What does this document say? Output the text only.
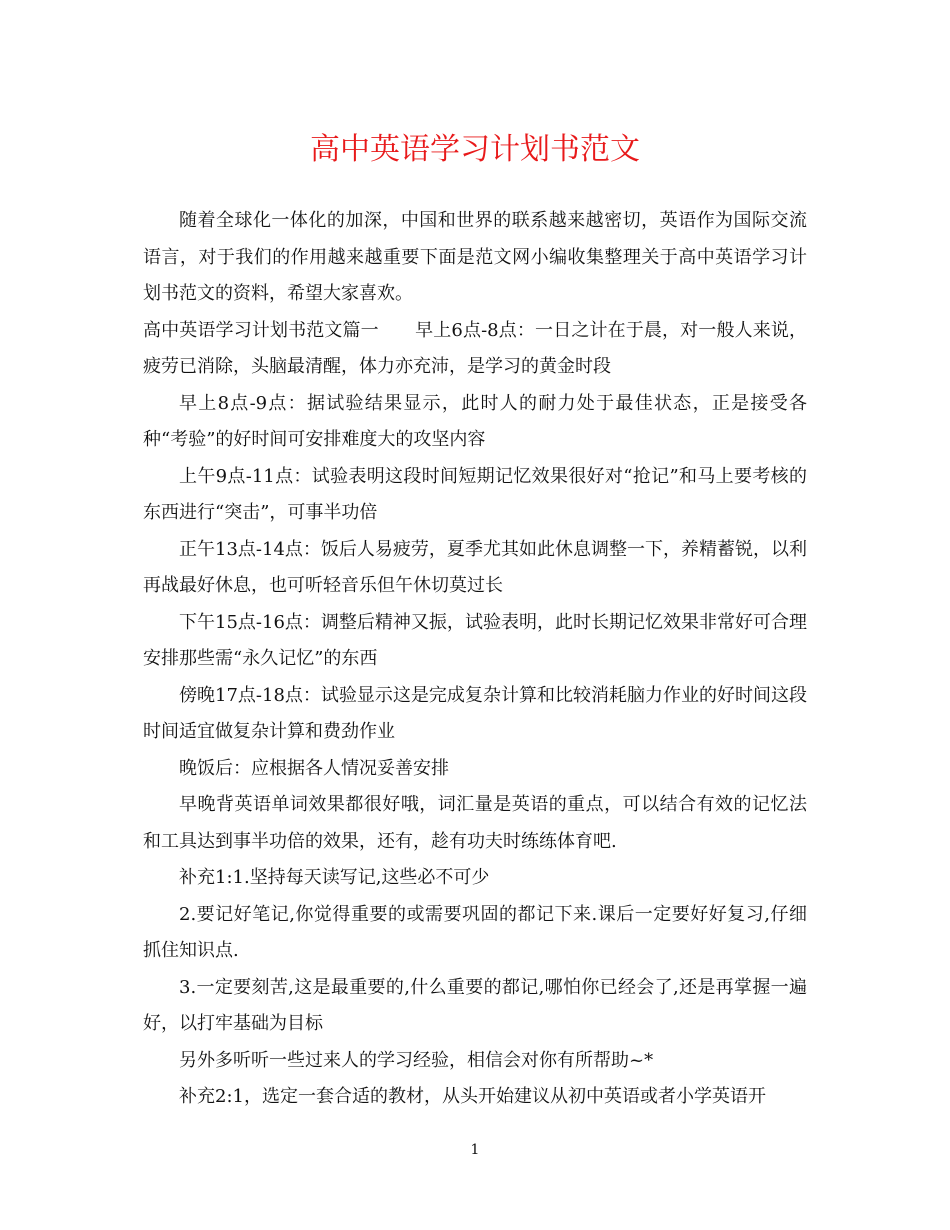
高中英语学习计划书范文

随着全球化一体化的加深，中国和世界的联系越来越密切，英语作为国际交流语言，对于我们的作用越来越重要下面是范文网小编收集整理关于高中英语学习计划书范文的资料，希望大家喜欢。

高中英语学习计划书范文篇一　　早上6点-8点：一日之计在于晨，对一般人来说，疲劳已消除，头脑最清醒，体力亦充沛，是学习的黄金时段

早上8点-9点：据试验结果显示，此时人的耐力处于最佳状态，正是接受各种“考验”的好时间可安排难度大的攻坚内容

上午9点-11点：试验表明这段时间短期记忆效果很好对“抢记”和马上要考核的东西进行“突击”，可事半功倍

正午13点-14点：饭后人易疲劳，夏季尤其如此休息调整一下，养精蓄锐，以利再战最好休息，也可听轻音乐但午休切莫过长

下午15点-16点：调整后精神又振，试验表明，此时长期记忆效果非常好可合理安排那些需“永久记忆”的东西

傍晚17点-18点：试验显示这是完成复杂计算和比较消耗脑力作业的好时间这段时间适宜做复杂计算和费劲作业

晚饭后：应根据各人情况妥善安排

早晚背英语单词效果都很好哦，词汇量是英语的重点，可以结合有效的记忆法和工具达到事半功倍的效果，还有，趁有功夫时练练体育吧.

补充1:1.坚持每天读写记,这些必不可少

2.要记好笔记,你觉得重要的或需要巩固的都记下来.课后一定要好好复习,仔细抓住知识点.

3.一定要刻苦,这是最重要的,什么重要的都记,哪怕你已经会了,还是再掌握一遍好，以打牢基础为目标

另外多听听一些过来人的学习经验，相信会对你有所帮助~*

补充2:1，选定一套合适的教材，从头开始建议从初中英语或者小学英语开

1
